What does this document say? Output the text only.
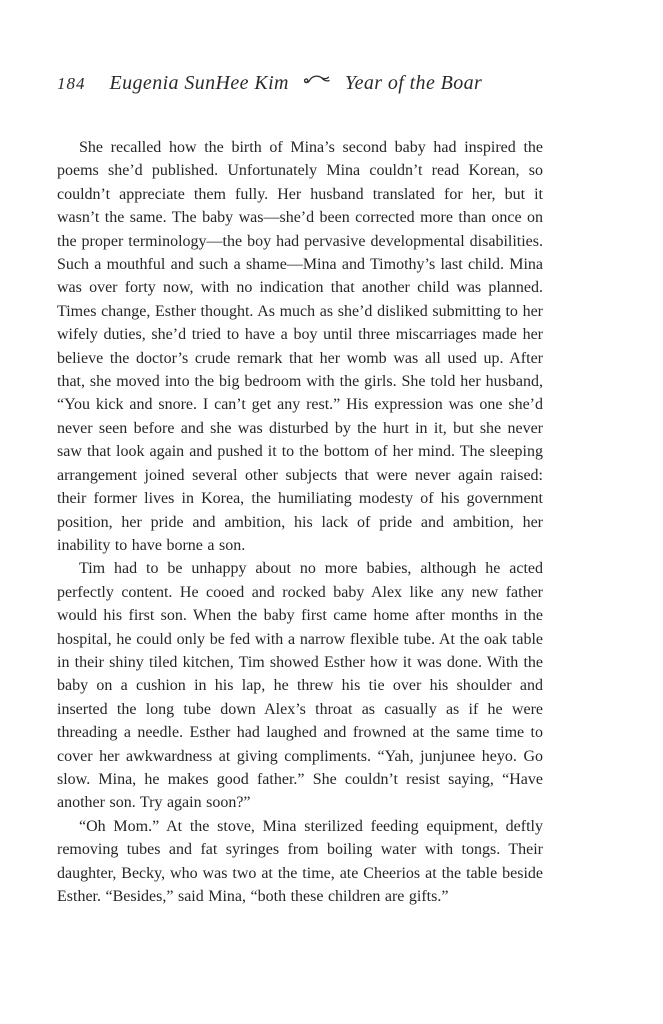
184 Eugenia SunHee Kim	Year of the Boar

She recalled how the birth of Mina’s second baby had inspired the poems she’d published. Unfortunately Mina couldn’t read Korean, so couldn’t appreciate them fully. Her husband translated for her, but it wasn’t the same. The baby was—she’d been corrected more than once on the proper terminology—the boy had pervasive developmental disabilities. Such a mouthful and such a shame—Mina and Timothy’s last child. Mina was over forty now, with no indication that another child was planned. Times change, Esther thought. As much as she’d disliked submitting to her wifely duties, she’d tried to have a boy until three miscarriages made her believe the doctor’s crude remark that her womb was all used up. After that, she moved into the big bedroom with the girls. She told her husband, “You kick and snore. I can’t get any rest.” His expression was one she’d never seen before and she was disturbed by the hurt in it, but she never saw that look again and pushed it to the bottom of her mind. The sleeping arrangement joined several other subjects that were never again raised: their former lives in Korea, the humiliating modesty of his government position, her pride and ambition, his lack of pride and ambition, her inability to have borne a son.

Tim had to be unhappy about no more babies, although he acted perfectly content. He cooed and rocked baby Alex like any new father would his first son. When the baby first came home after months in the hospital, he could only be fed with a narrow flexible tube. At the oak table in their shiny tiled kitchen, Tim showed Esther how it was done. With the baby on a cushion in his lap, he threw his tie over his shoulder and inserted the long tube down Alex’s throat as casually as if he were threading a needle. Esther had laughed and frowned at the same time to cover her awkwardness at giving compliments. “Yah, junjunee heyo. Go slow. Mina, he makes good father.” She couldn’t resist saying, “Have another son. Try again soon?”

“Oh Mom.” At the stove, Mina sterilized feeding equipment, deftly removing tubes and fat syringes from boiling water with tongs. Their daughter, Becky, who was two at the time, ate Cheerios at the table beside Esther. “Besides,” said Mina, “both these children are gifts.”
